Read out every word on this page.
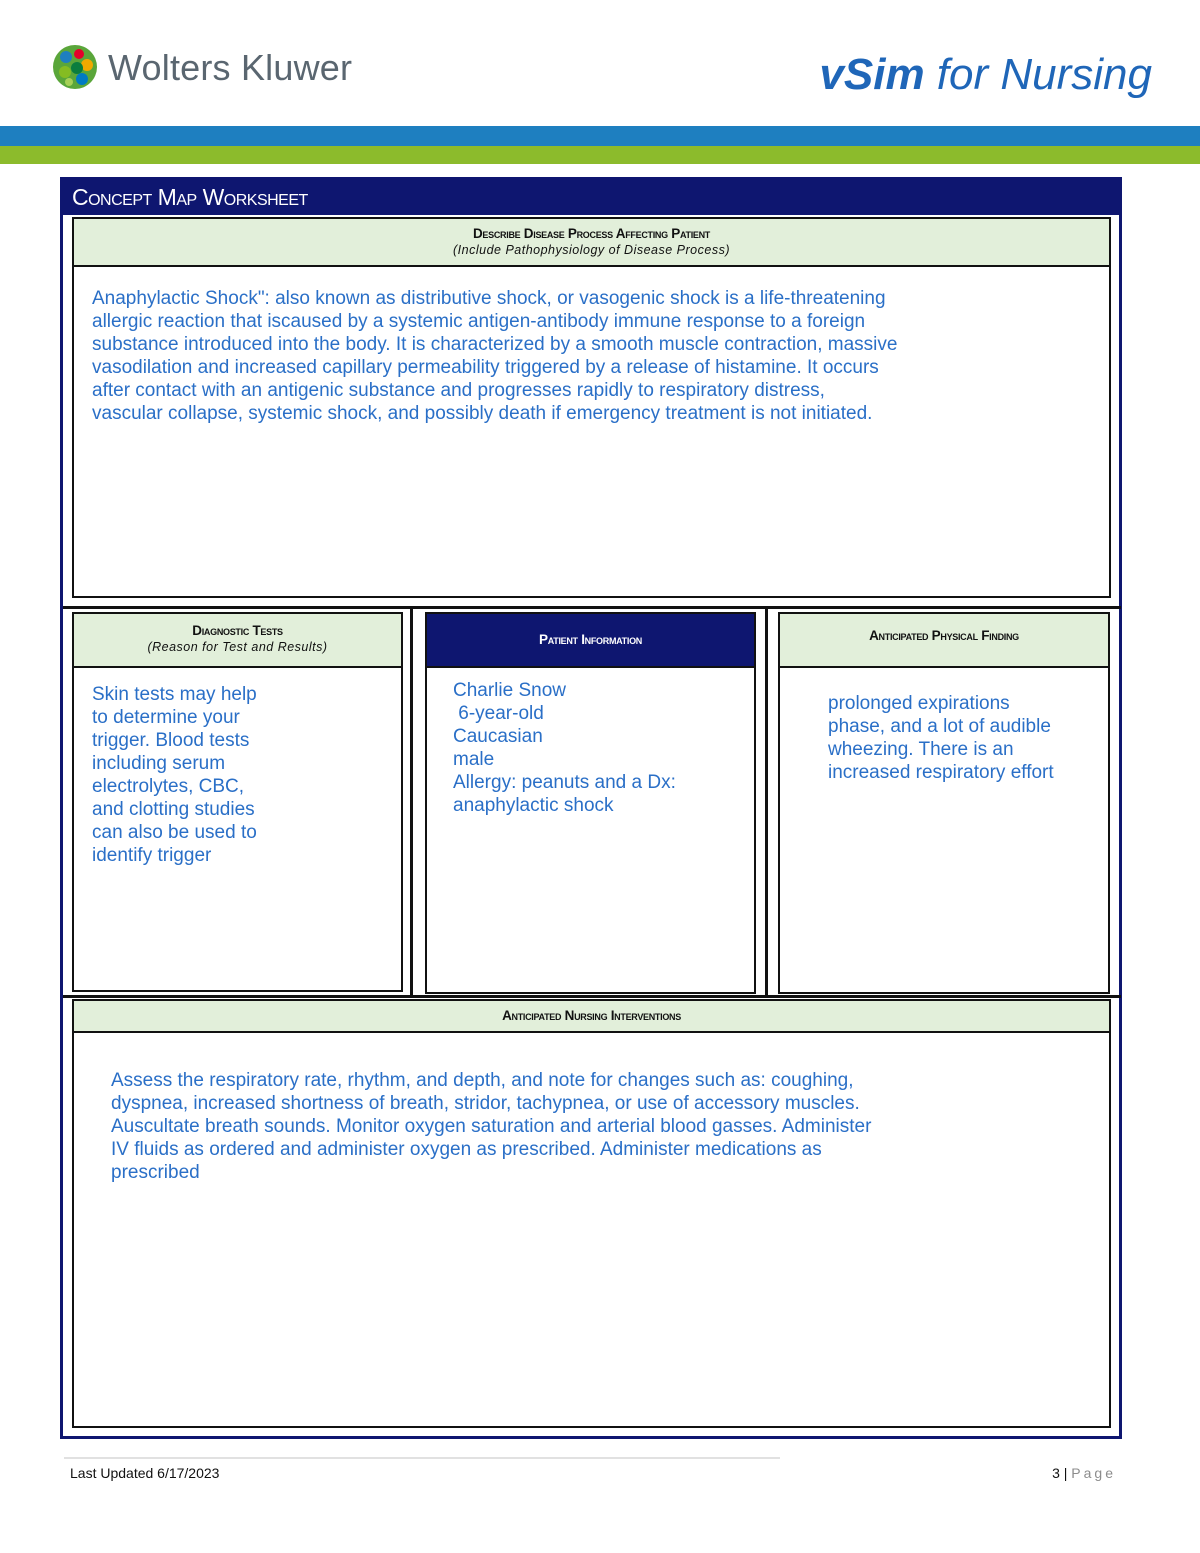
Wolters Kluwer	vSim for Nursing
Concept Map Worksheet
Describe Disease Process Affecting Patient
(Include Pathophysiology of Disease Process)
Anaphylactic Shock": also known as distributive shock, or vasogenic shock is a life-threatening
allergic reaction that iscaused by a systemic antigen-antibody immune response to a foreign
substance introduced into the body. It is characterized by a smooth muscle contraction, massive
vasodilation and increased capillary permeability triggered by a release of histamine. It occurs
after contact with an antigenic substance and progresses rapidly to respiratory distress,
vascular collapse, systemic shock, and possibly death if emergency treatment is not initiated.
Diagnostic Tests
(Reason for Test and Results)
Skin tests may help
to determine your
trigger. Blood tests
including serum
electrolytes, CBC,
and clotting studies
can also be used to
identify trigger
Patient Information
Charlie Snow
6-year-old
Caucasian
male
Allergy: peanuts and a Dx:
anaphylactic shock
Anticipated Physical Finding
prolonged expirations
phase, and a lot of audible
wheezing. There is an
increased respiratory effort
Anticipated Nursing Interventions
Assess the respiratory rate, rhythm, and depth, and note for changes such as: coughing,
dyspnea, increased shortness of breath, stridor, tachypnea, or use of accessory muscles.
Auscultate breath sounds. Monitor oxygen saturation and arterial blood gasses. Administer
IV fluids as ordered and administer oxygen as prescribed. Administer medications as
prescribed
Last Updated 6/17/2023	3 | Page
